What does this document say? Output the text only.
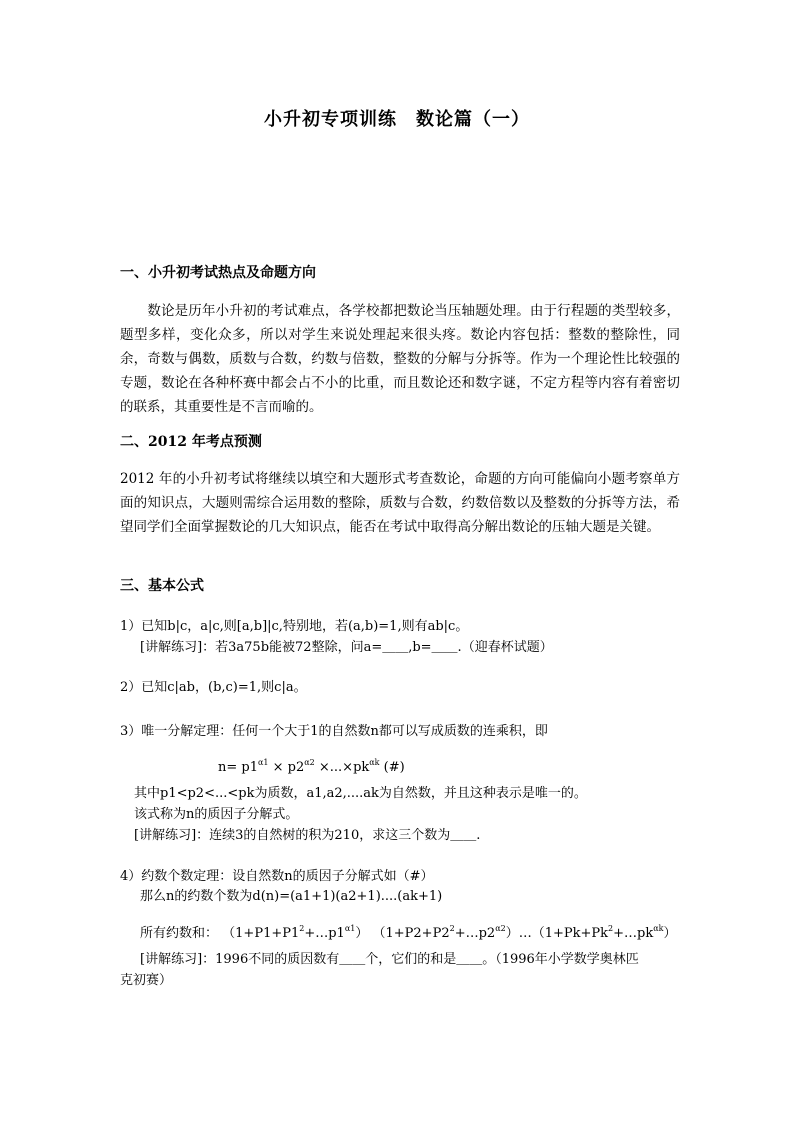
小升初专项训练　数论篇（一）
一、小升初考试热点及命题方向
　　数论是历年小升初的考试难点，各学校都把数论当压轴题处理。由于行程题的类型较多，题型多样，变化众多，所以对学生来说处理起来很头疼。数论内容包括：整数的整除性，同余，奇数与偶数，质数与合数，约数与倍数，整数的分解与分拆等。作为一个理论性比较强的专题，数论在各种杯赛中都会占不小的比重，而且数论还和数字谜，不定方程等内容有着密切的联系，其重要性是不言而喻的。
二、2012 年考点预测
2012 年的小升初考试将继续以填空和大题形式考查数论，命题的方向可能偏向小题考察单方面的知识点，大题则需综合运用数的整除，质数与合数，约数倍数以及整数的分拆等方法，希望同学们全面掌握数论的几大知识点，能否在考试中取得高分解出数论的压轴大题是关键。
三、基本公式
1）已知b|c，a|c,则[a,b]|c,特别地，若(a,b)=1,则有ab|c。
[讲解练习]：若3a75b能被72整除，问a=＿＿,b=＿＿.（迎春杯试题）
2）已知c|ab，(b,c)=1,则c|a。
3）唯一分解定理：任何一个大于1的自然数n都可以写成质数的连乘积，即
$n= p1^{\alpha 1} \times p2^{\alpha 2} \times...\times pk^{\alpha k}$ (#)
其中p1<p2<...<pk为质数，a1,a2,....ak为自然数，并且这种表示是唯一的。
该式称为n的质因子分解式。
[讲解练习]：连续3的自然树的积为210，求这三个数为＿＿.
4）约数个数定理：设自然数n的质因子分解式如（#）
那么n的约数个数为d(n)=(a1+1)(a2+1)....(ak+1)
所有约数和： $(1+P1+P1^2+\dots p1^{\alpha 1})$ $(1+P2+P2^2+\dots p2^{\alpha 2})\dots(1+Pk+Pk^2+\dots pk^{\alpha k})$
[讲解练习]：1996不同的质因数有＿＿个，它们的和是＿＿。（1996年小学数学奥林匹
克初赛）
